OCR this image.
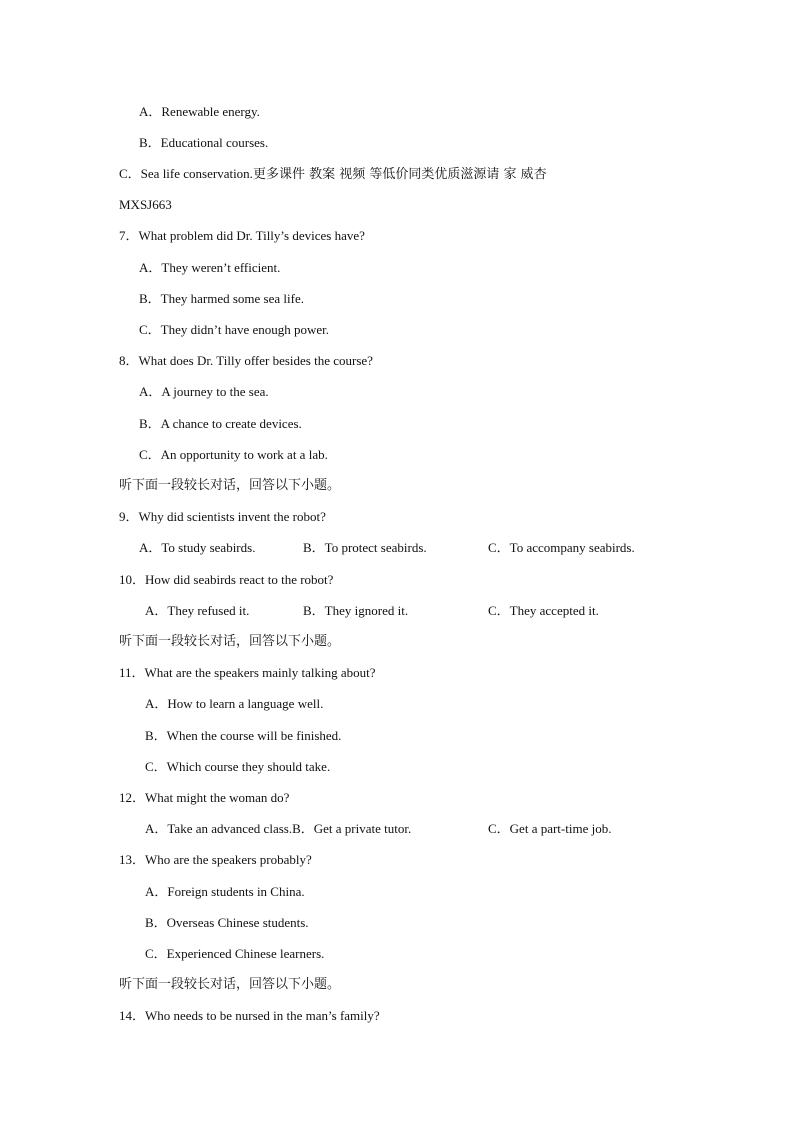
A．Renewable energy.
B．Educational courses.
C．Sea life conservation.更多课件 教案 视频 等低价同类优质滋源请 家 威杏
MXSJ663
7．What problem did Dr. Tilly’s devices have?
A．They weren’t efficient.
B．They harmed some sea life.
C．They didn’t have enough power.
8．What does Dr. Tilly offer besides the course?
A．A journey to the sea.
B．A chance to create devices.
C．An opportunity to work at a lab.
听下面一段较长对话，回答以下小题。
9．Why did scientists invent the robot?
A．To study seabirds.	B．To protect seabirds.	C．To accompany seabirds.
10．How did seabirds react to the robot?
A．They refused it.	B．They ignored it.	C．They accepted it.
听下面一段较长对话，回答以下小题。
11．What are the speakers mainly talking about?
A．How to learn a language well.
B．When the course will be finished.
C．Which course they should take.
12．What might the woman do?
A．Take an advanced class.B．Get a private tutor.	C．Get a part-time job.
13．Who are the speakers probably?
A．Foreign students in China.
B．Overseas Chinese students.
C．Experienced Chinese learners.
听下面一段较长对话，回答以下小题。
14．Who needs to be nursed in the man’s family?
